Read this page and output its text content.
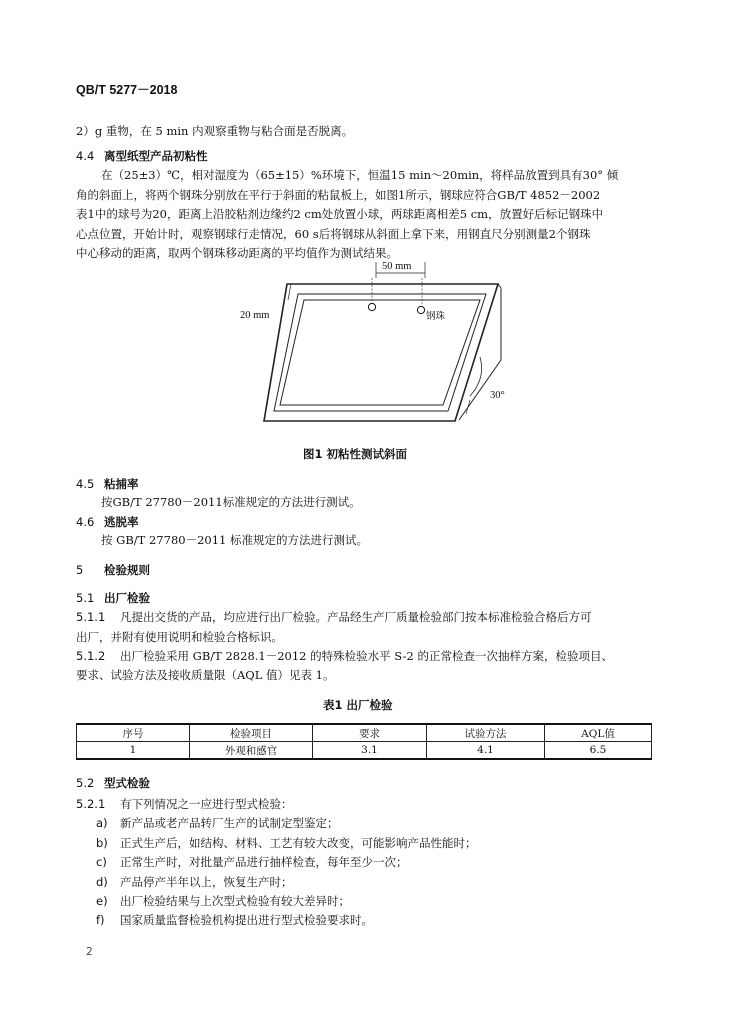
QB/T 5277－2018
2）g 重物，在 5 min 内观察重物与粘合面是否脱离。
4.4 离型纸型产品初粘性
在（25±3）℃，相对湿度为（65±15）%环境下，恒温15 min～20min，将样品放置到具有30° 倾
角的斜面上，将两个钢珠分别放在平行于斜面的粘鼠板上，如图1所示，钢球应符合GB/T 4852－2002
表1中的球号为20，距离上沿胶粘剂边缘约2 cm处放置小球，两球距离相差5 cm，放置好后标记钢珠中
心点位置，开始计时，观察钢球行走情况，60 s后将钢球从斜面上拿下来，用钢直尺分别测量2个钢珠
中心移动的距离，取两个钢珠移动距离的平均值作为测试结果。
50 mm
20 mm	钢珠
30°
图1 初粘性测试斜面
4.5 粘捕率
按GB/T 27780－2011标准规定的方法进行测试。
4.6 逃脱率
按 GB/T 27780－2011 标准规定的方法进行测试。
5 检验规则
5.1 出厂检验
5.1.1 凡提出交货的产品，均应进行出厂检验。产品经生产厂质量检验部门按本标准检验合格后方可
出厂，并附有使用说明和检验合格标识。
5.1.2 出厂检验采用 GB/T 2828.1－2012 的特殊检验水平 S-2 的正常检查一次抽样方案，检验项目、
要求、试验方法及接收质量限（AQL 值）见表 1。
表1 出厂检验
序号	检验项目	要求	试验方法	AQL值
1	外观和感官	3.1	4.1	6.5
5.2 型式检验
5.2.1 有下列情况之一应进行型式检验：
a) 新产品或老产品转厂生产的试制定型鉴定；
b) 正式生产后，如结构、材料、工艺有较大改变，可能影响产品性能时；
c) 正常生产时，对批量产品进行抽样检查，每年至少一次；
d) 产品停产半年以上，恢复生产时；
e) 出厂检验结果与上次型式检验有较大差异时；
f) 国家质量监督检验机构提出进行型式检验要求时。
2
